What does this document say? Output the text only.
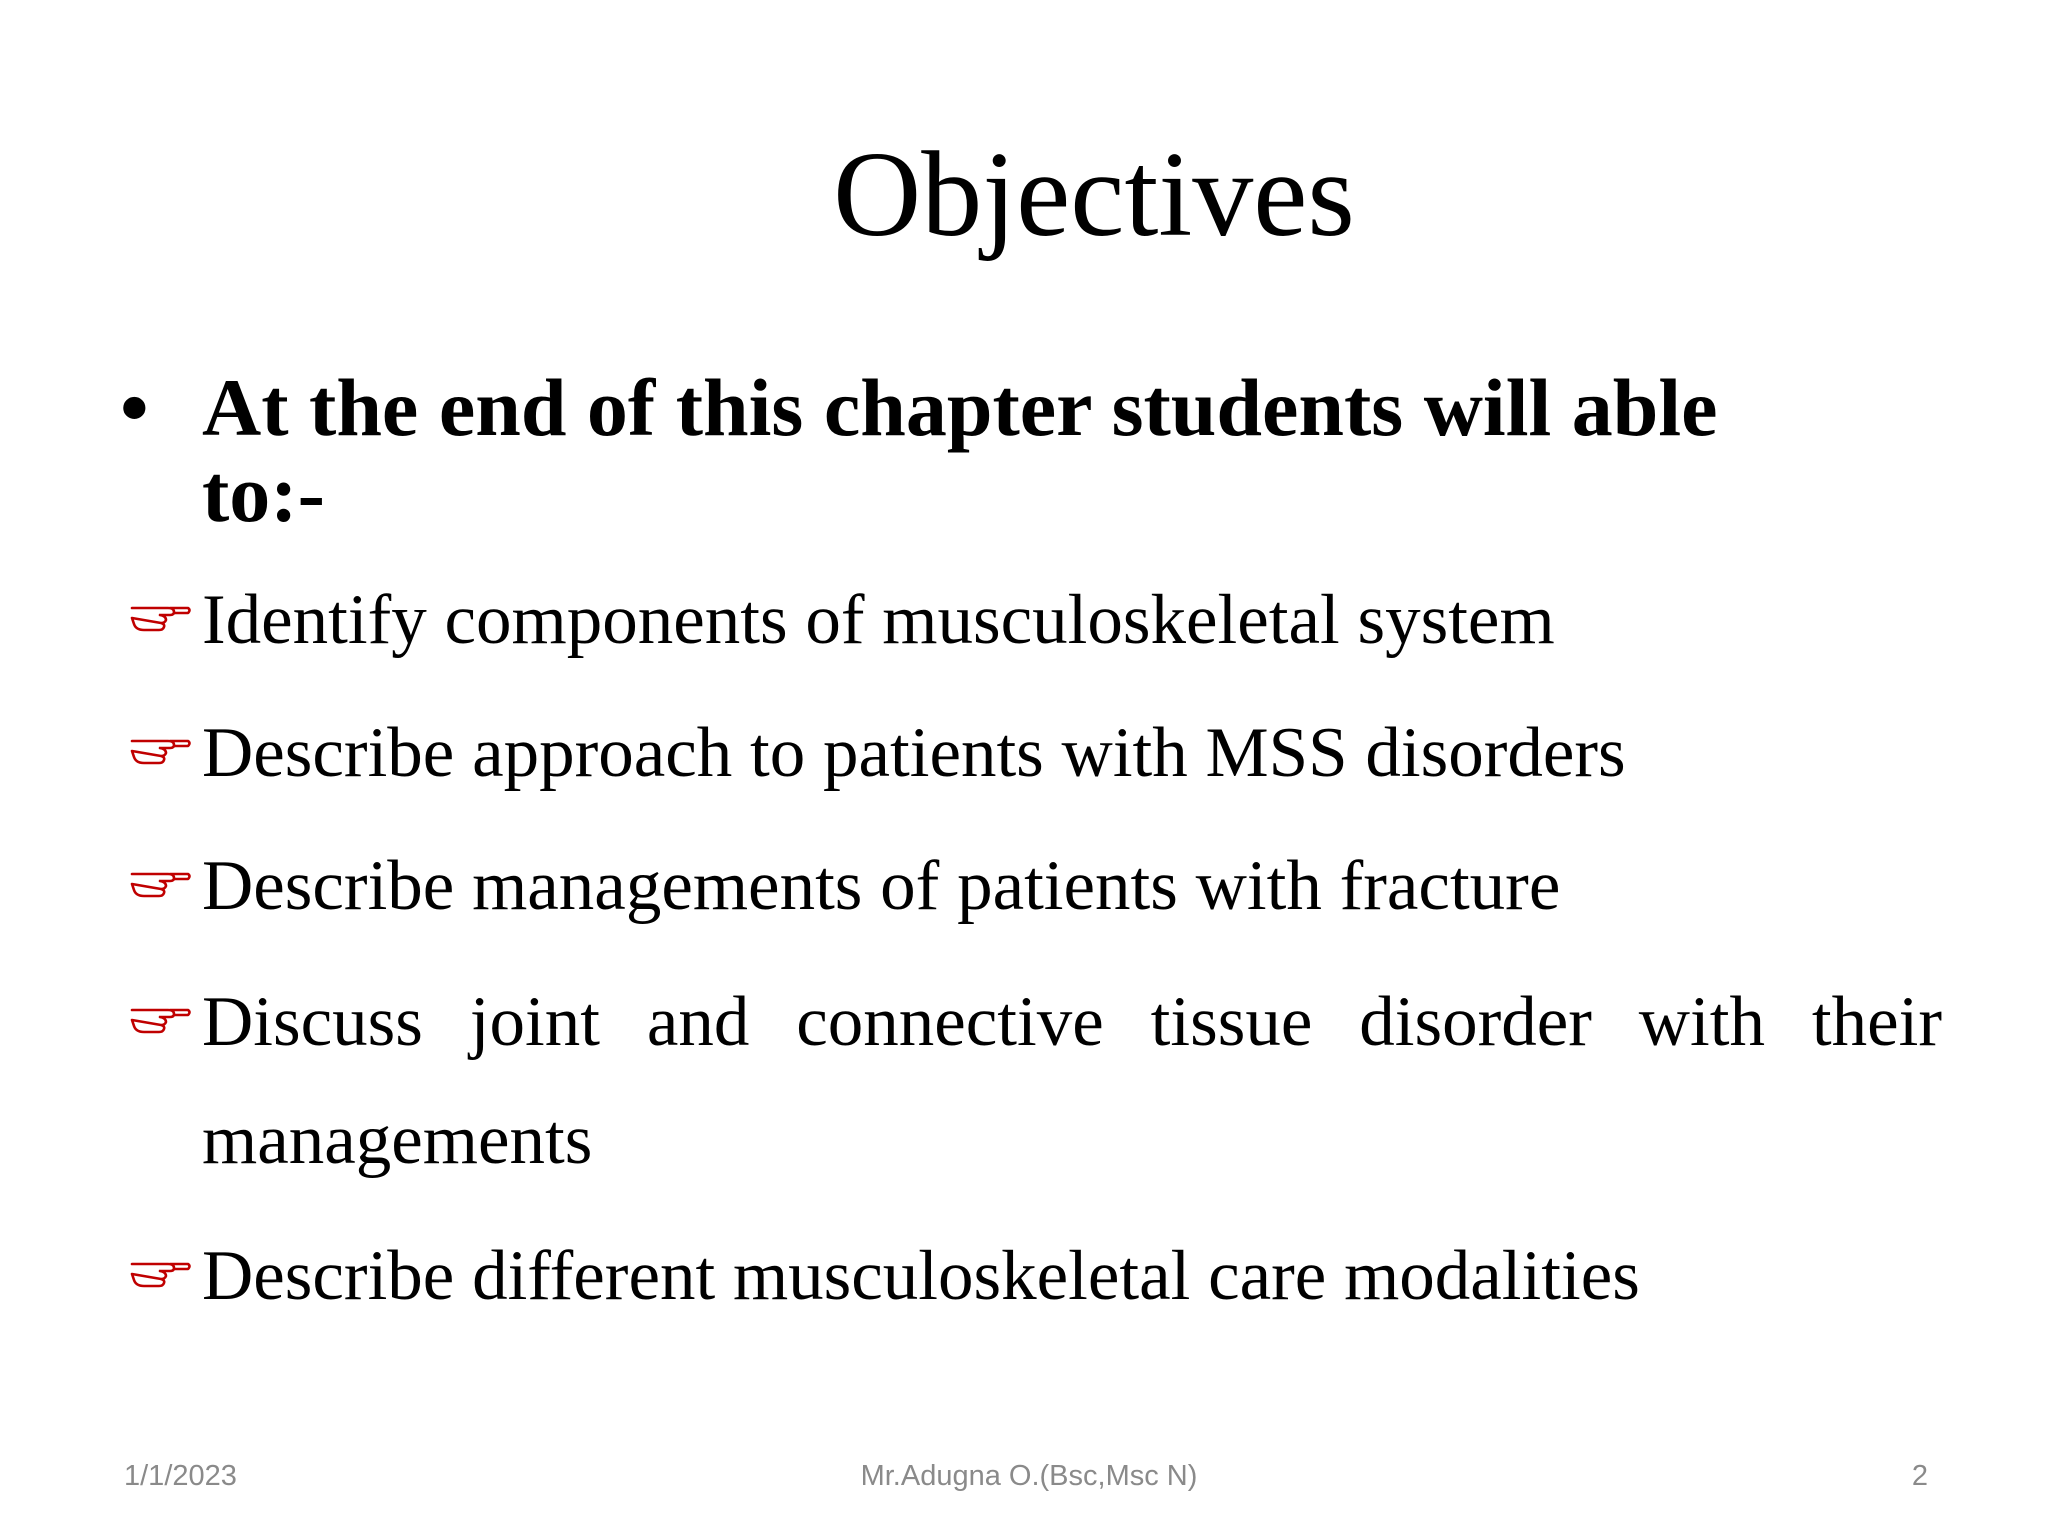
Objectives
• At the end of this chapter students will able to:-
Identify components of musculoskeletal system
Describe approach to patients with MSS disorders
Describe managements of patients with fracture
Discuss joint and connective tissue disorder with their managements
Describe different musculoskeletal care modalities
1/1/2023	Mr.Adugna O.(Bsc,Msc N)	2
